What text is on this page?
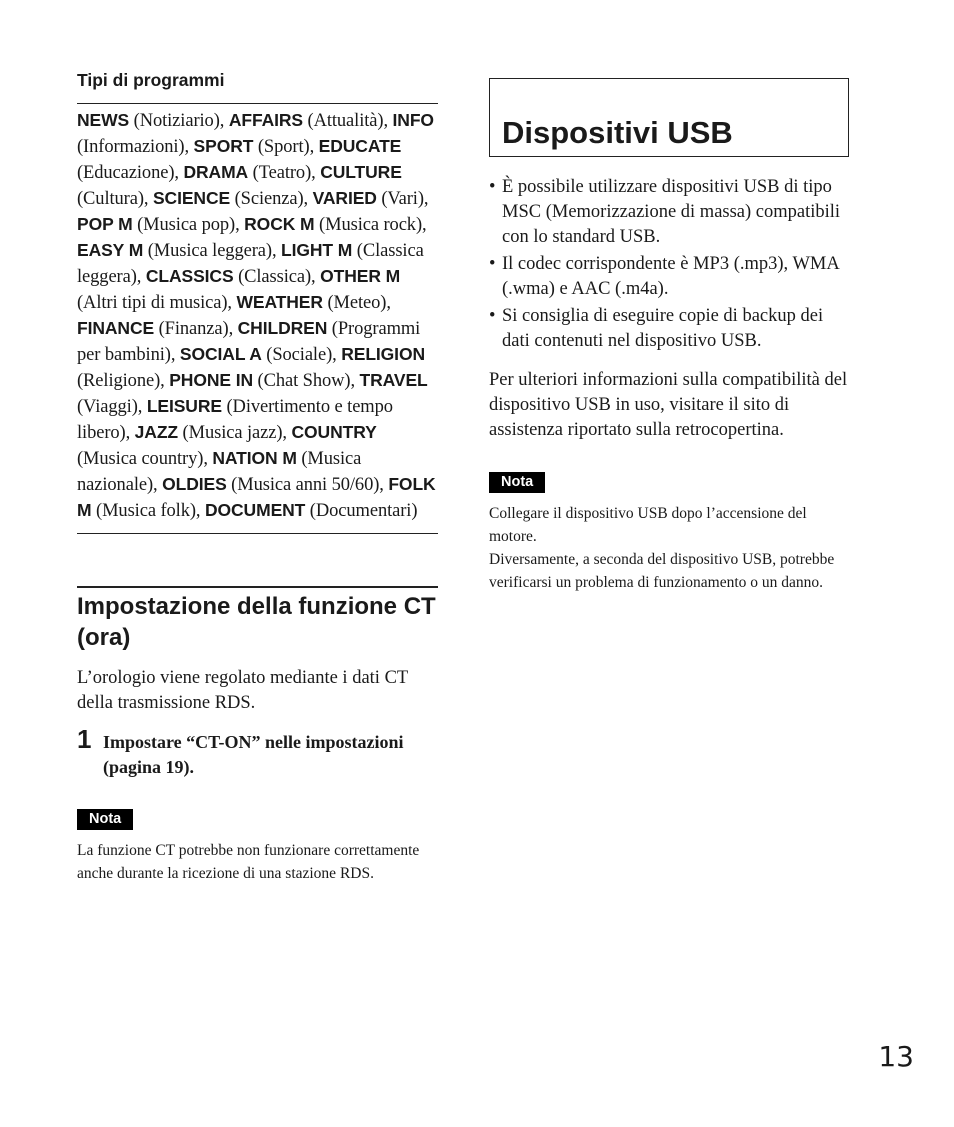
Tipi di programmi
NEWS (Notiziario), AFFAIRS (Attualità), INFO (Informazioni), SPORT (Sport), EDUCATE (Educazione), DRAMA (Teatro), CULTURE (Cultura), SCIENCE (Scienza), VARIED (Vari), POP M (Musica pop), ROCK M (Musica rock), EASY M (Musica leggera), LIGHT M (Classica leggera), CLASSICS (Classica), OTHER M (Altri tipi di musica), WEATHER (Meteo), FINANCE (Finanza), CHILDREN (Programmi per bambini), SOCIAL A (Sociale), RELIGION (Religione), PHONE IN (Chat Show), TRAVEL (Viaggi), LEISURE (Divertimento e tempo libero), JAZZ (Musica jazz), COUNTRY (Musica country), NATION M (Musica nazionale), OLDIES (Musica anni 50/60), FOLK M (Musica folk), DOCUMENT (Documentari)
Impostazione della funzione CT (ora)

L’orologio viene regolato mediante i dati CT della trasmissione RDS.

1 Impostare “CT-ON” nelle impostazioni (pagina 19).
Nota
La funzione CT potrebbe non funzionare correttamente anche durante la ricezione di una stazione RDS.
Dispositivi USB
• È possibile utilizzare dispositivi USB di tipo MSC (Memorizzazione di massa) compatibili con lo standard USB.
• Il codec corrispondente è MP3 (.mp3), WMA (.wma) e AAC (.m4a).
• Si consiglia di eseguire copie di backup dei dati contenuti nel dispositivo USB.

Per ulteriori informazioni sulla compatibilità del dispositivo USB in uso, visitare il sito di assistenza riportato sulla retrocopertina.

Nota
Collegare il dispositivo USB dopo l’accensione del motore.
Diversamente, a seconda del dispositivo USB, potrebbe verificarsi un problema di funzionamento o un danno.
13
